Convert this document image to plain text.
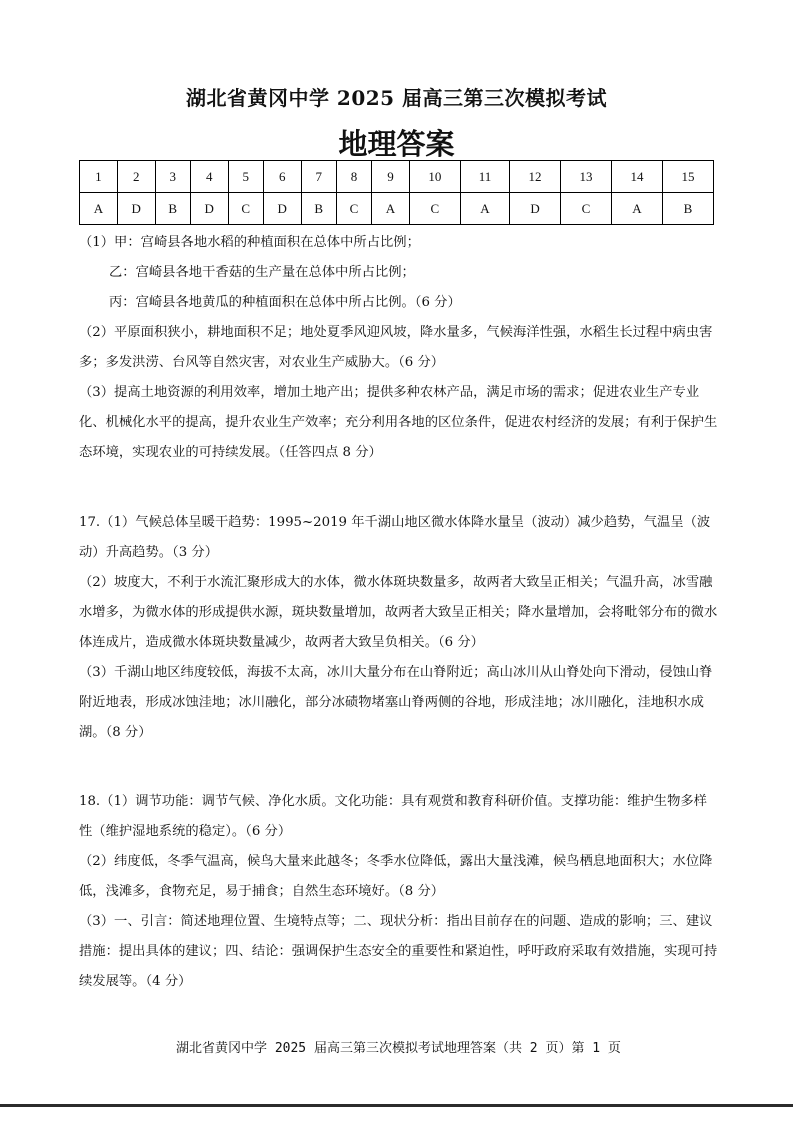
湖北省黄冈中学 2025 届高三第三次模拟考试
地理答案
1	2	3	4	5	6	7	8	9	10	11	12	13	14	15
A	D	B	D	C	D	B	C	A	C	A	D	C	A	B

（1）甲：宫崎县各地水稻的种植面积在总体中所占比例；

乙：宫崎县各地干香菇的生产量在总体中所占比例；

丙：宫崎县各地黄瓜的种植面积在总体中所占比例。（6 分）

（2）平原面积狭小，耕地面积不足；地处夏季风迎风坡，降水量多，气候海洋性强，水稻生长过程中病虫害多；多发洪涝、台风等自然灾害，对农业生产威胁大。（6 分）

（3）提高土地资源的利用效率，增加土地产出；提供多种农林产品，满足市场的需求；促进农业生产专业化、机械化水平的提高，提升农业生产效率；充分利用各地的区位条件，促进农村经济的发展；有利于保护生态环境，实现农业的可持续发展。（任答四点 8 分）

17.（1）气候总体呈暖干趋势：1995~2019 年千湖山地区微水体降水量呈（波动）减少趋势，气温呈（波动）升高趋势。（3 分）

（2）坡度大，不利于水流汇聚形成大的水体，微水体斑块数量多，故两者大致呈正相关；气温升高，冰雪融水增多，为微水体的形成提供水源，斑块数量增加，故两者大致呈正相关；降水量增加，会将毗邻分布的微水体连成片，造成微水体斑块数量减少，故两者大致呈负相关。（6 分）

（3）千湖山地区纬度较低，海拔不太高，冰川大量分布在山脊附近；高山冰川从山脊处向下滑动，侵蚀山脊附近地表，形成冰蚀洼地；冰川融化，部分冰碛物堵塞山脊两侧的谷地，形成洼地；冰川融化，洼地积水成湖。（8 分）

18.（1）调节功能：调节气候、净化水质。文化功能：具有观赏和教育科研价值。支撑功能：维护生物多样性（维护湿地系统的稳定）。（6 分）

（2）纬度低，冬季气温高，候鸟大量来此越冬；冬季水位降低，露出大量浅滩，候鸟栖息地面积大；水位降低，浅滩多，食物充足，易于捕食；自然生态环境好。（8 分）

（3）一、引言：简述地理位置、生境特点等；二、现状分析：指出目前存在的问题、造成的影响；三、建议措施：提出具体的建议；四、结论：强调保护生态安全的重要性和紧迫性，呼吁政府采取有效措施，实现可持续发展等。（4 分）

湖北省黄冈中学 2025 届高三第三次模拟考试地理答案（共 2 页）第 1 页
